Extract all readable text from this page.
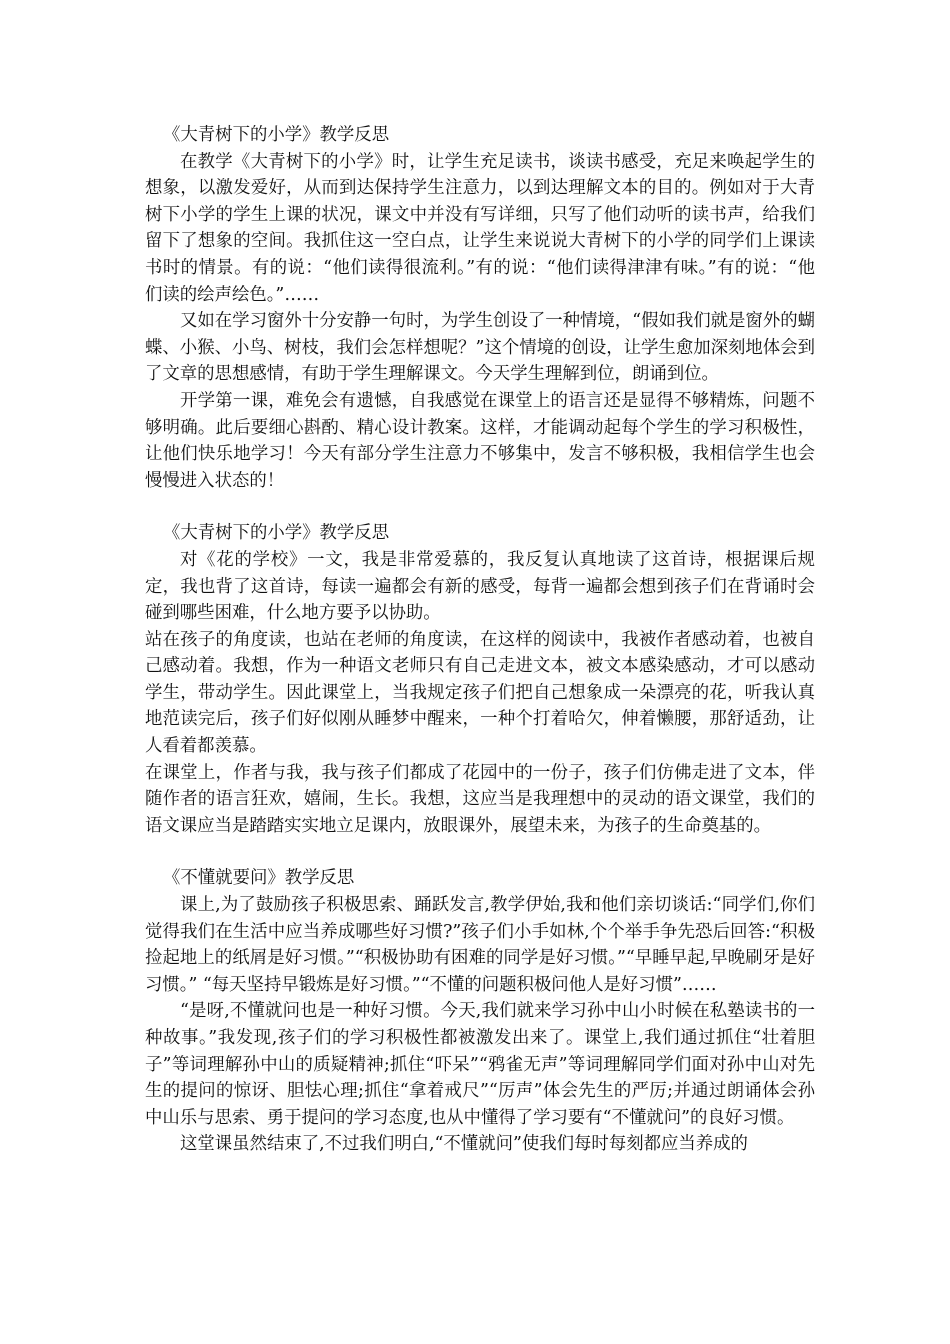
《大青树下的小学》教学反思

在教学《大青树下的小学》时，让学生充足读书，谈读书感受，充足来唤起学生的想象，以激发爱好，从而到达保持学生注意力，以到达理解文本的目的。例如对于大青树下小学的学生上课的状况，课文中并没有写详细，只写了他们动听的读书声，给我们留下了想象的空间。我抓住这一空白点，让学生来说说大青树下的小学的同学们上课读书时的情景。有的说：“他们读得很流利。”有的说：“他们读得津津有味。”有的说：“他们读的绘声绘色。”……

又如在学习窗外十分安静一句时，为学生创设了一种情境，“假如我们就是窗外的蝴蝶、小猴、小鸟、树枝，我们会怎样想呢？”这个情境的创设，让学生愈加深刻地体会到了文章的思想感情，有助于学生理解课文。今天学生理解到位，朗诵到位。

开学第一课，难免会有遗憾，自我感觉在课堂上的语言还是显得不够精炼，问题不够明确。此后要细心斟酌、精心设计教案。这样，才能调动起每个学生的学习积极性，让他们快乐地学习！今天有部分学生注意力不够集中，发言不够积极，我相信学生也会慢慢进入状态的！

《大青树下的小学》教学反思

对《花的学校》一文，我是非常爱慕的，我反复认真地读了这首诗，根据课后规定，我也背了这首诗，每读一遍都会有新的感受，每背一遍都会想到孩子们在背诵时会碰到哪些困难，什么地方要予以协助。

站在孩子的角度读，也站在老师的角度读，在这样的阅读中，我被作者感动着，也被自己感动着。我想，作为一种语文老师只有自己走进文本，被文本感染感动，才可以感动学生，带动学生。因此课堂上，当我规定孩子们把自己想象成一朵漂亮的花，听我认真地范读完后，孩子们好似刚从睡梦中醒来，一种个打着哈欠，伸着懒腰，那舒适劲，让人看着都羡慕。

在课堂上，作者与我，我与孩子们都成了花园中的一份子，孩子们仿佛走进了文本，伴随作者的语言狂欢，嬉闹，生长。我想，这应当是我理想中的灵动的语文课堂，我们的语文课应当是踏踏实实地立足课内，放眼课外，展望未来，为孩子的生命奠基的。

《不懂就要问》教学反思

课上,为了鼓励孩子积极思索、踊跃发言,教学伊始,我和他们亲切谈话:“同学们,你们觉得我们在生活中应当养成哪些好习惯?”孩子们小手如林,个个举手争先恐后回答:“积极捡起地上的纸屑是好习惯。”“积极协助有困难的同学是好习惯。”“早睡早起,早晚刷牙是好习惯。” “每天坚持早锻炼是好习惯。”“不懂的问题积极问他人是好习惯”……

“是呀,不懂就问也是一种好习惯。今天,我们就来学习孙中山小时候在私塾读书的一种故事。”我发现,孩子们的学习积极性都被激发出来了。课堂上,我们通过抓住“壮着胆子”等词理解孙中山的质疑精神;抓住“吓呆”“鸦雀无声”等词理解同学们面对孙中山对先生的提问的惊讶、胆怯心理;抓住“拿着戒尺”“厉声”体会先生的严厉;并通过朗诵体会孙中山乐与思索、勇于提问的学习态度,也从中懂得了学习要有“不懂就问”的良好习惯。

这堂课虽然结束了,不过我们明白,“不懂就问”使我们每时每刻都应当养成的
